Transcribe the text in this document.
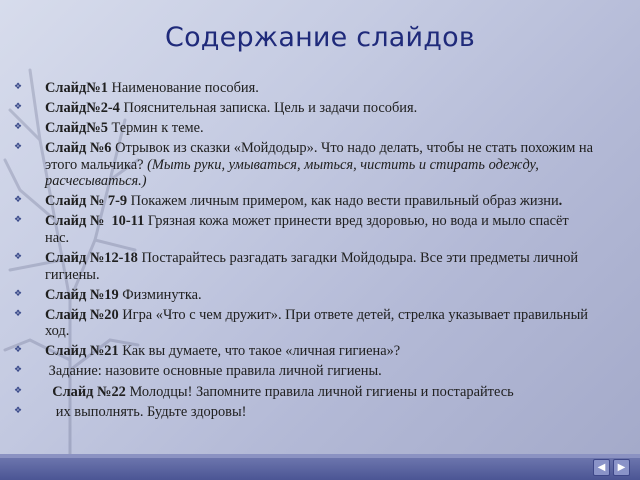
Содержание слайдов
❖ Слайд№1 Наименование пособия.
❖ Слайд№2-4 Пояснительная записка. Цель и задачи пособия.
❖ Слайд№5 Термин к теме.
❖ Слайд №6 Отрывок из сказки «Мойдодыр». Что надо делать, чтобы не стать похожим на этого мальчика? (Мыть руки, умываться, мыться, чистить и стирать одежду, расчесываться.)
❖ Слайд № 7-9 Покажем личным примером, как надо вести правильный образ жизни.
❖ Слайд №  10-11 Грязная кожа может принести вред здоровью, но вода и мыло спасёт нас.
❖ Слайд №12-18 Постарайтесь разгадать загадки Мойдодыра. Все эти предметы личной гигиены.
❖ Слайд №19 Физминутка.
❖ Слайд №20 Игра «Что с чем дружит». При ответе детей, стрелка указывает правильный ход.
❖ Слайд №21 Как вы думаете, что такое «личная гигиена»?
❖ Задание: назовите основные правила личной гигиены.
❖ Слайд №22 Молодцы! Запомните правила личной гигиены и постарайтесь
❖ их выполнять. Будьте здоровы!
◀	▶
